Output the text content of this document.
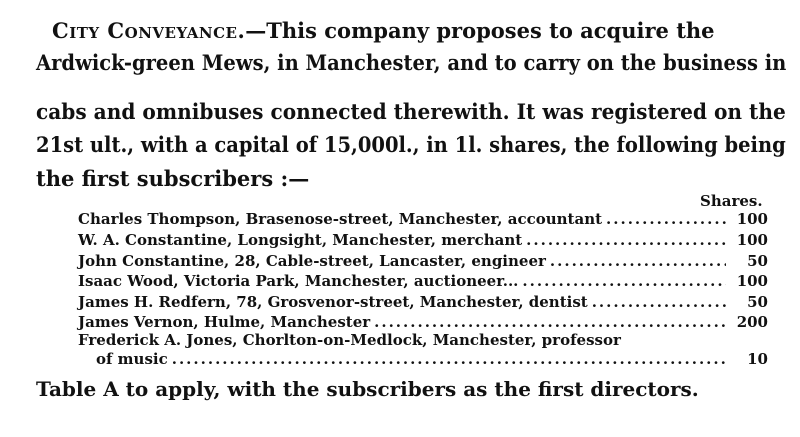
City Conveyance.—This company proposes to acquire the
Ardwick-green Mews, in Manchester, and to carry on the business in
cabs and omnibuses connected therewith. It was registered on the
21st ult., with a capital of 15,000l., in 1l. shares, the following being
the first subscribers :—
Shares.
Charles Thompson, Brasenose-street, Manchester, accountant .....	100
W. A. Constantine, Longsight, Manchester, merchant .....	100
John Constantine, 28, Cable-street, Lancaster, engineer .....	50
Isaac Wood, Victoria Park, Manchester, auctioneer... .....	100
James H. Redfern, 78, Grosvenor-street, Manchester, dentist .....	50
James Vernon, Hulme, Manchester .....	200
Frederick A. Jones, Chorlton-on-Medlock, Manchester, professor
of music .....	10
Table A to apply, with the subscribers as the first directors.
